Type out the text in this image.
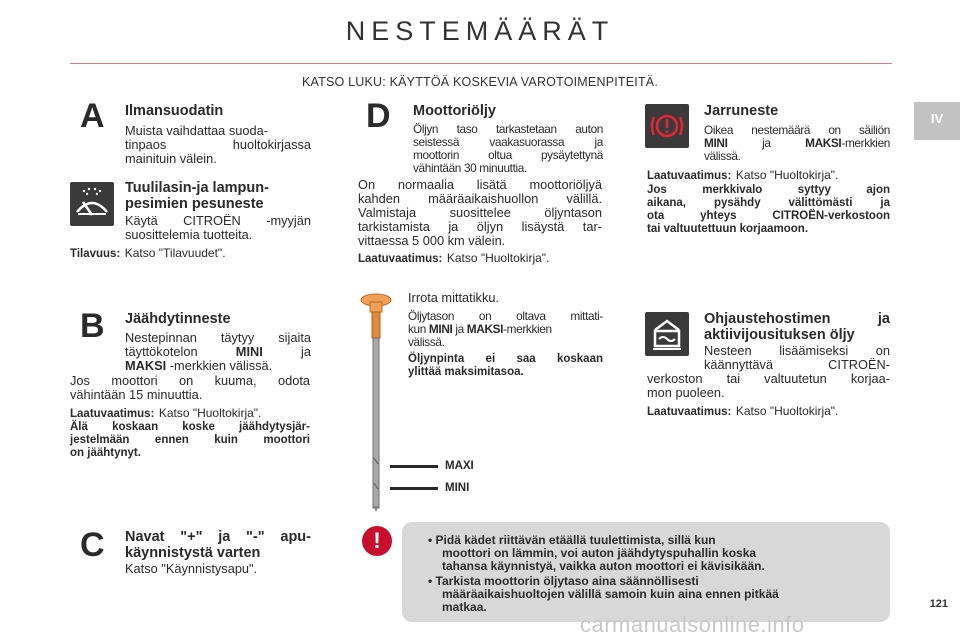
NESTEMÄÄRÄT
KATSO LUKU: KÄYTTÖÄ KOSKEVIA VAROTOIMENPITEITÄ.
IV
A Ilmansuodatin
Muista vaihdattaa suoda-
tinpaos huoltokirjassa
mainituin välein.
Tuulilasin-ja lampun-
pesimien pesuneste
Käytä CITROËN -myyjän
suosittelemia tuotteita.
Tilavuus: Katso "Tilavuudet".
B Jäähdytinneste
Nestepinnan täytyy sijaita
täyttökotelon	MINI	ja
MAKSI -merkkien välissä.
Jos moottori on kuuma, odota
vähintään 15 minuuttia.
Laatuvaatimus: Katso "Huoltokirja".
Älä koskaan koske jäähdytysjär-
jestelmään ennen kuin moottori
on jäähtynyt.
C Navat "+" ja "-" apu-
käynnistystä varten
Katso "Käynnistysapu".
D Moottoriöljy
Öljyn taso tarkastetaan auton
seistessä vaakasuorassa ja
moottorin oltua pysäytettynä
vähintään 30 minuuttia.
On normaalia lisätä moottoriöljyä
kahden määräaikaishuollon välillä.
Valmistaja suosittelee öljyntason
tarkistamista ja öljyn lisäystä tar-
vittaessa 5 000 km välein.
Laatuvaatimus: Katso "Huoltokirja".
MAXI
MINI
Irrota mittatikku.
Öljytason on oltava mittati-
kun MINI ja MAKSI-merkkien
välissä.
Öljynpinta ei saa koskaan
ylittää maksimitasoa.
Jarruneste
Oikea nestemäärä on säiliön
MINI	ja	MAKSI-merkkien
välissä.
Laatuvaatimus: Katso "Huoltokirja".
Jos merkkivalo syttyy ajon
aikana, pysähdy välittömästi ja
ota yhteys CITROËN-verkostoon
tai valtuutettuun korjaamoon.
Ohjaustehostimen ja
aktiivijousituksen öljy
Nesteen lisäämiseksi on
käännyttävä CITROËN-
verkoston tai valtuutetun korjaa-
mon puoleen.
Laatuvaatimus: Katso "Huoltokirja".
!	• Pidä kädet riittävän etäällä tuulettimista, sillä kun
moottori on lämmin, voi auton jäähdytyspuhallin koska
tahansa käynnistyä, vaikka auton moottori ei kävisikään.
• Tarkista moottorin öljytaso aina säännöllisesti
määräaikaishuoltojen välillä samoin kuin aina ennen pitkää
matkaa.	121
carmanualsonline.info
